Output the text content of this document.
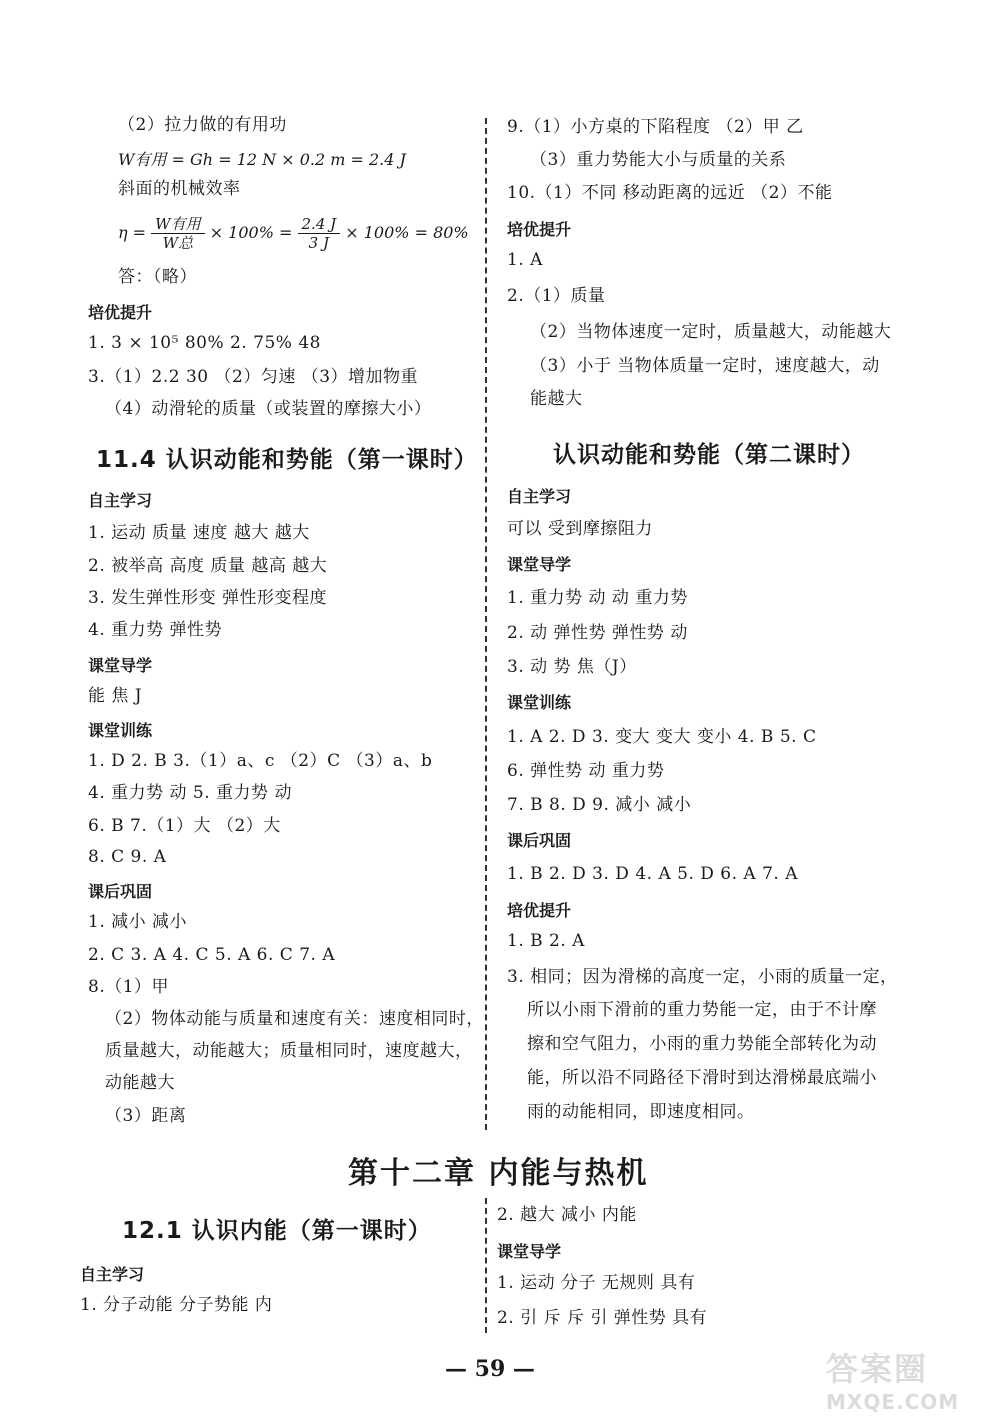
（2）拉力做的有用功
W有用 = Gh = 12 N × 0.2 m = 2.4 J
斜面的机械效率
$\eta = \frac{\text{W有用}}{\text{W总}} \times 100\% = \frac{2.4 J}{3 J} \times 100\% = 80\%$
答：（略）
培优提升
1. 3 × 10⁵ 80% 2. 75% 48
3.（1）2.2 30 （2）匀速 （3）增加物重
（4）动滑轮的质量（或装置的摩擦大小）
11.4 认识动能和势能（第一课时）
自主学习
1. 运动 质量 速度 越大 越大
2. 被举高 高度 质量 越高 越大
3. 发生弹性形变 弹性形变程度
4. 重力势 弹性势
课堂导学
能 焦 J
课堂训练
1. D 2. B 3.（1）a、c （2）C （3）a、b
4. 重力势 动 5. 重力势 动
6. B 7.（1）大 （2）大
8. C 9. A
课后巩固
1. 减小 减小
2. C 3. A 4. C 5. A 6. C 7. A
8.（1）甲
（2）物体动能与质量和速度有关：速度相同时，
质量越大，动能越大；质量相同时，速度越大，
动能越大
（3）距离
9.（1）小方桌的下陷程度 （2）甲 乙
（3）重力势能大小与质量的关系
10.（1）不同 移动距离的远近 （2）不能
培优提升
1. A
2.（1）质量
（2）当物体速度一定时，质量越大，动能越大
（3）小于 当物体质量一定时，速度越大，动
能越大
认识动能和势能（第二课时）
自主学习
可以 受到摩擦阻力
课堂导学
1. 重力势 动 动 重力势
2. 动 弹性势 弹性势 动
3. 动 势 焦（J）
课堂训练
1. A 2. D 3. 变大 变大 变小 4. B 5. C
6. 弹性势 动 重力势
7. B 8. D 9. 减小 减小
课后巩固
1. B 2. D 3. D 4. A 5. D 6. A 7. A
培优提升
1. B 2. A
3. 相同；因为滑梯的高度一定，小雨的质量一定，
所以小雨下滑前的重力势能一定，由于不计摩
擦和空气阻力，小雨的重力势能全部转化为动
能，所以沿不同路径下滑时到达滑梯最底端小
雨的动能相同，即速度相同。
第十二章 内能与热机
12.1 认识内能（第一课时）
自主学习
1. 分子动能 分子势能 内
2. 越大 减小 内能
课堂导学
1. 运动 分子 无规则 具有
2. 引 斥 斥 引 弹性势 具有
— 59 —	答案圈
MXQE.COM
